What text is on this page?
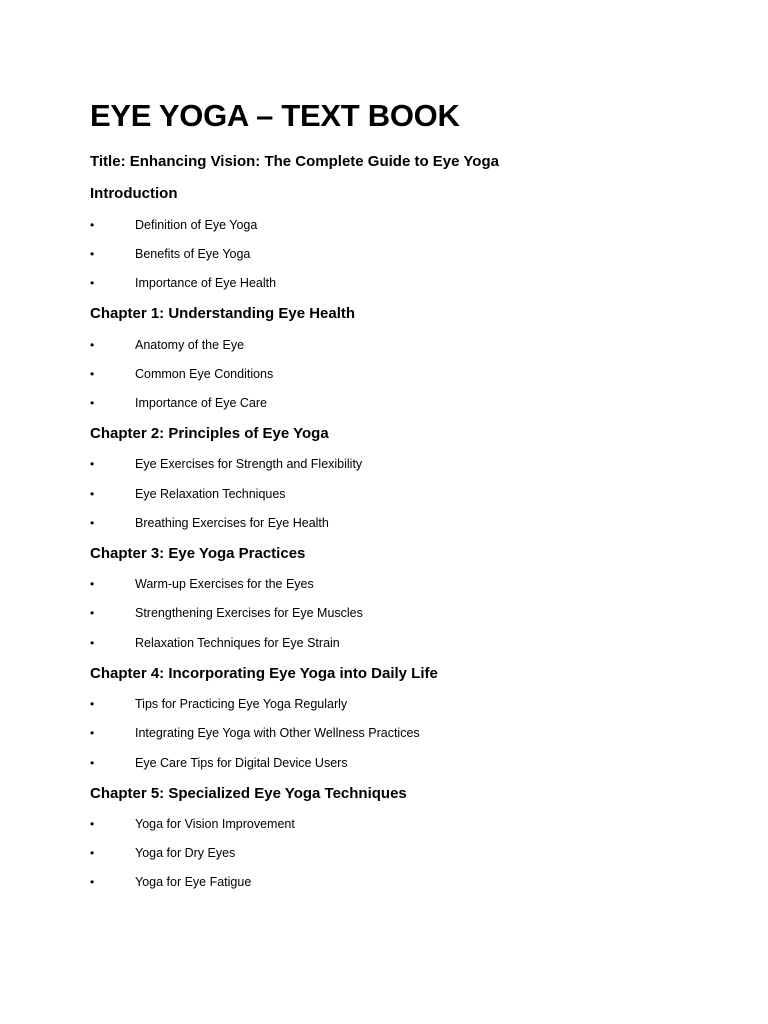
EYE YOGA – TEXT BOOK
Title: Enhancing Vision: The Complete Guide to Eye Yoga
Introduction
•	Definition of Eye Yoga
•	Benefits of Eye Yoga
•	Importance of Eye Health
Chapter 1: Understanding Eye Health
•	Anatomy of the Eye
•	Common Eye Conditions
•	Importance of Eye Care
Chapter 2: Principles of Eye Yoga
•	Eye Exercises for Strength and Flexibility
•	Eye Relaxation Techniques
•	Breathing Exercises for Eye Health
Chapter 3: Eye Yoga Practices
•	Warm-up Exercises for the Eyes
•	Strengthening Exercises for Eye Muscles
•	Relaxation Techniques for Eye Strain
Chapter 4: Incorporating Eye Yoga into Daily Life
•	Tips for Practicing Eye Yoga Regularly
•	Integrating Eye Yoga with Other Wellness Practices
•	Eye Care Tips for Digital Device Users
Chapter 5: Specialized Eye Yoga Techniques
•	Yoga for Vision Improvement
•	Yoga for Dry Eyes
•	Yoga for Eye Fatigue
